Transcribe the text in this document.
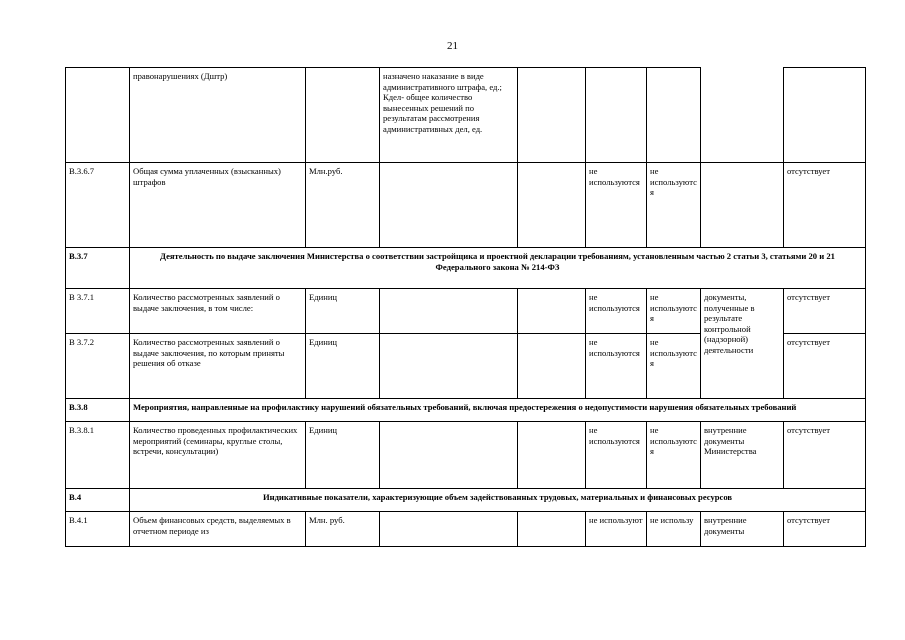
21
	правонарушениях (Дштр)		назначено наказание в виде административного штрафа, ед.; Кдел- общее количество вынесенных решений по результатам рассмотрения административных дел, ед.					
В.3.6.7	Общая сумма уплаченных (взысканных) штрафов	Млн.руб.			не используются	не используются		отсутствует
В.3.7	Деятельность по выдаче заключения Министерства о соответствии застройщика и проектной декларации требованиям, установленным частью 2 статьи 3, статьями 20 и 21 Федерального закона № 214-ФЗ							
В 3.7.1	Количество рассмотренных заявлений о выдаче заключения, в том числе:	Единиц			не используются	не используются	документы, полученные в результате контрольной (надзорной) деятельности	отсутствует
В 3.7.2	Количество рассмотренных заявлений о выдаче заключения, по которым приняты решения об отказе	Единиц			не используются	не используются		отсутствует
В.3.8	Мероприятия, направленные на профилактику нарушений обязательных требований, включая предостережения о недопустимости нарушения обязательных требований							
В.3.8.1	Количество проведенных профилактических мероприятий (семинары, круглые столы, встречи, консультации)	Единиц			не используются	не используются	внутренние документы Министерства	отсутствует
В.4	Индикативные показатели, характеризующие объем задействованных трудовых, материальных и финансовых ресурсов							
В.4.1	Объем финансовых средств, выделяемых в отчетном периоде из	Млн. руб.			не используют	не использу	внутренние документы	отсутствует
